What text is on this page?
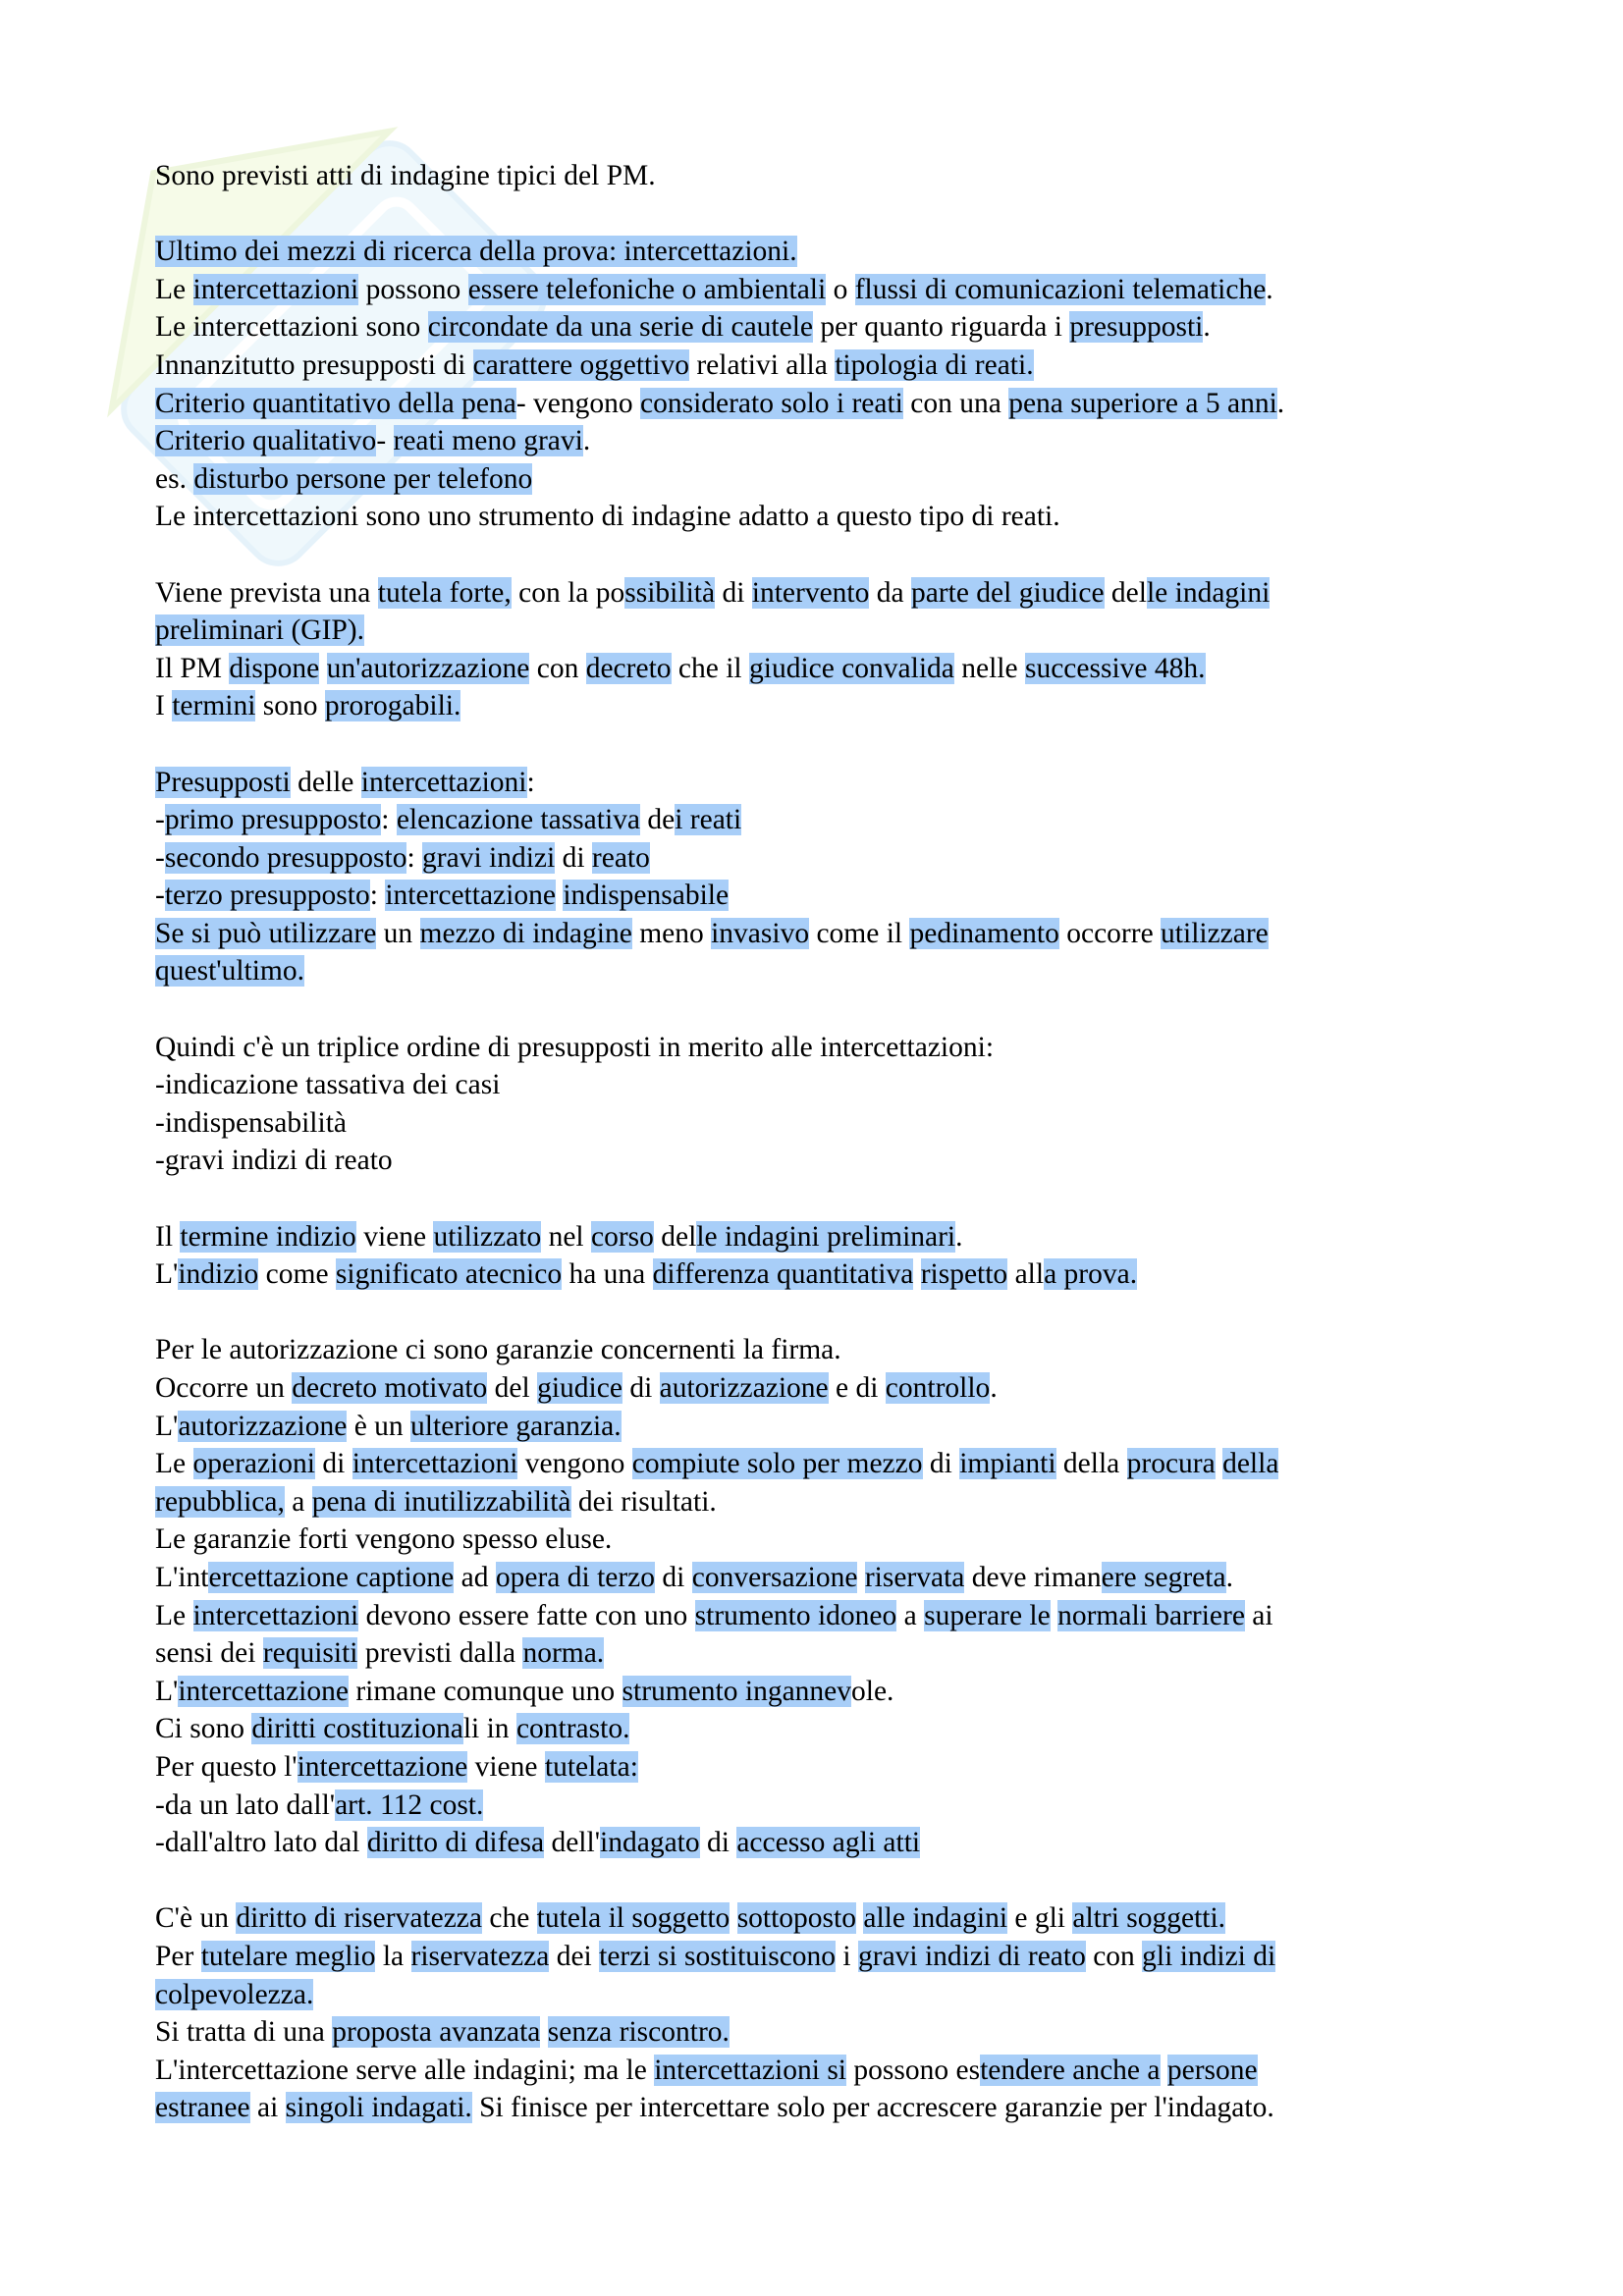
Sono previsti atti di indagine tipici del PM.
Ultimo dei mezzi di ricerca della prova: intercettazioni.
Le intercettazioni possono essere telefoniche o ambientali o flussi di comunicazioni telematiche.
Le intercettazioni sono circondate da una serie di cautele per quanto riguarda i presupposti.
Innanzitutto presupposti di carattere oggettivo relativi alla tipologia di reati.
Criterio quantitativo della pena- vengono considerato solo i reati con una pena superiore a 5 anni.
Criterio qualitativo- reati meno gravi.
es. disturbo persone per telefono
Le intercettazioni sono uno strumento di indagine adatto a questo tipo di reati.
Viene prevista una tutela forte, con la possibilità di intervento da parte del giudice delle indagini
preliminari (GIP).
Il PM dispone un'autorizzazione con decreto che il giudice convalida nelle successive 48h.
I termini sono prorogabili.
Presupposti delle intercettazioni:
-primo presupposto: elencazione tassativa dei reati
-secondo presupposto: gravi indizi di reato
-terzo presupposto: intercettazione indispensabile
Se si può utilizzare un mezzo di indagine meno invasivo come il pedinamento occorre utilizzare
quest'ultimo.
Quindi c'è un triplice ordine di presupposti in merito alle intercettazioni:
-indicazione tassativa dei casi
-indispensabilità
-gravi indizi di reato
Il termine indizio viene utilizzato nel corso delle indagini preliminari.
L'indizio come significato atecnico ha una differenza quantitativa rispetto alla prova.
Per le autorizzazione ci sono garanzie concernenti la firma.
Occorre un decreto motivato del giudice di autorizzazione e di controllo.
L'autorizzazione è un ulteriore garanzia.
Le operazioni di intercettazioni vengono compiute solo per mezzo di impianti della procura della
repubblica, a pena di inutilizzabilità dei risultati.
Le garanzie forti vengono spesso eluse.
L'intercettazione captione ad opera di terzo di conversazione riservata deve rimanere segreta.
Le intercettazioni devono essere fatte con uno strumento idoneo a superare le normali barriere ai
sensi dei requisiti previsti dalla norma.
L'intercettazione rimane comunque uno strumento ingannevole.
Ci sono diritti costituzionali in contrasto.
Per questo l'intercettazione viene tutelata:
-da un lato dall'art. 112 cost.
-dall'altro lato dal diritto di difesa dell'indagato di accesso agli atti
C'è un diritto di riservatezza che tutela il soggetto sottoposto alle indagini e gli altri soggetti.
Per tutelare meglio la riservatezza dei terzi si sostituiscono i gravi indizi di reato con gli indizi di
colpevolezza.
Si tratta di una proposta avanzata senza riscontro.
L'intercettazione serve alle indagini; ma le intercettazioni si possono estendere anche a persone
estranee ai singoli indagati. Si finisce per intercettare solo per accrescere garanzie per l'indagato.
